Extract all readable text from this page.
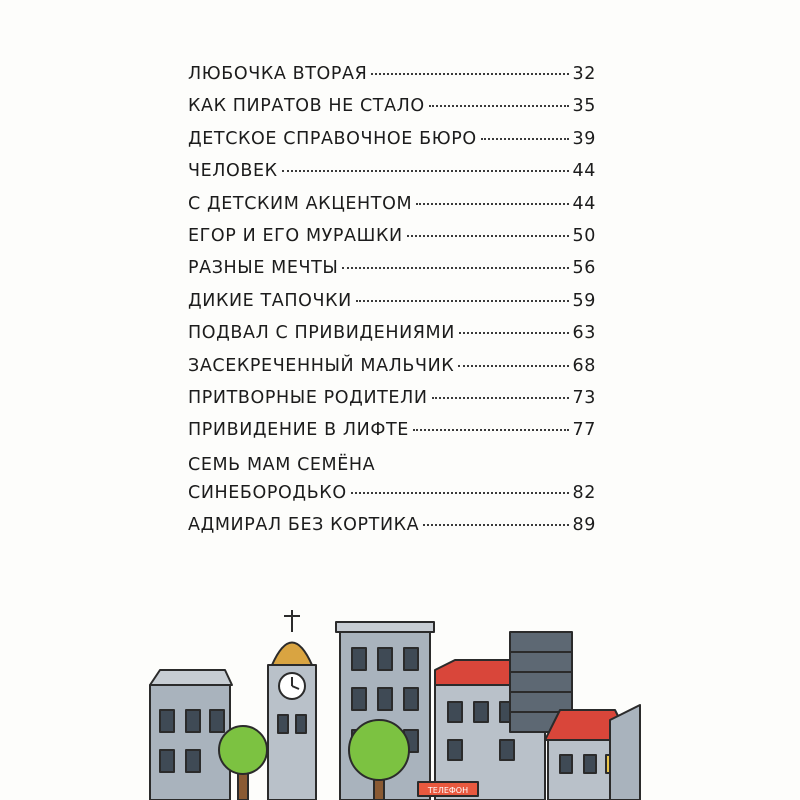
ЛЮБОЧКА ВТОРАЯ	32
КАК ПИРАТОВ НЕ СТАЛО	35
ДЕТСКОЕ СПРАВОЧНОЕ БЮРО	39
ЧЕЛОВЕК	44
С ДЕТСКИМ АКЦЕНТОМ	44
ЕГОР И ЕГО МУРАШКИ	50
РАЗНЫЕ МЕЧТЫ	56
ДИКИЕ ТАПОЧКИ	59
ПОДВАЛ С ПРИВИДЕНИЯМИ	63
ЗАСЕКРЕЧЕННЫЙ МАЛЬЧИК	68
ПРИТВОРНЫЕ РОДИТЕЛИ	73
ПРИВИДЕНИЕ В ЛИФТЕ	77
СЕМЬ МАМ СЕМЁНА
СИНЕБОРОДЬКО	82
АДМИРАЛ БЕЗ КОРТИКА	89
ТЕЛЕФОН
